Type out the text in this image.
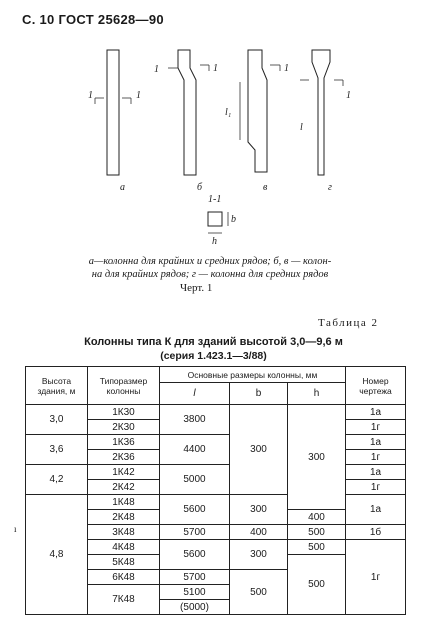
С. 10 ГОСТ 25628—90
1	1
а
1	1
б
1
l₁
в
1
l
г
1-1
b
h
а—колонна для крайних и средних рядов; б, в — колон-
на для крайних рядов; г — колонна для средних рядов
Черт. 1
Таблица 2
Колонны типа К для зданий высотой 3,0—9,6 м
(серия 1.423.1—3/88)
Высота здания, м	Типоразмер колонны	Основные размеры колонны, мм			Номер чертежа
		l	b	h	
3,0	1К30	3800	300	300	1а
	2К30				1г
3,6	1К36	4400			1а
	2К36				1г
4,2	1К42	5000			1а
	2К42				1г
4,8	1К48	5600	300		1а
	2К48			400	
	3К48	5700	400	500	1б
	4К48	5600	300	500	1г
	5К48			500	
	6К48	5700	500		
	7К48	5100			
		(5000)			
ı
